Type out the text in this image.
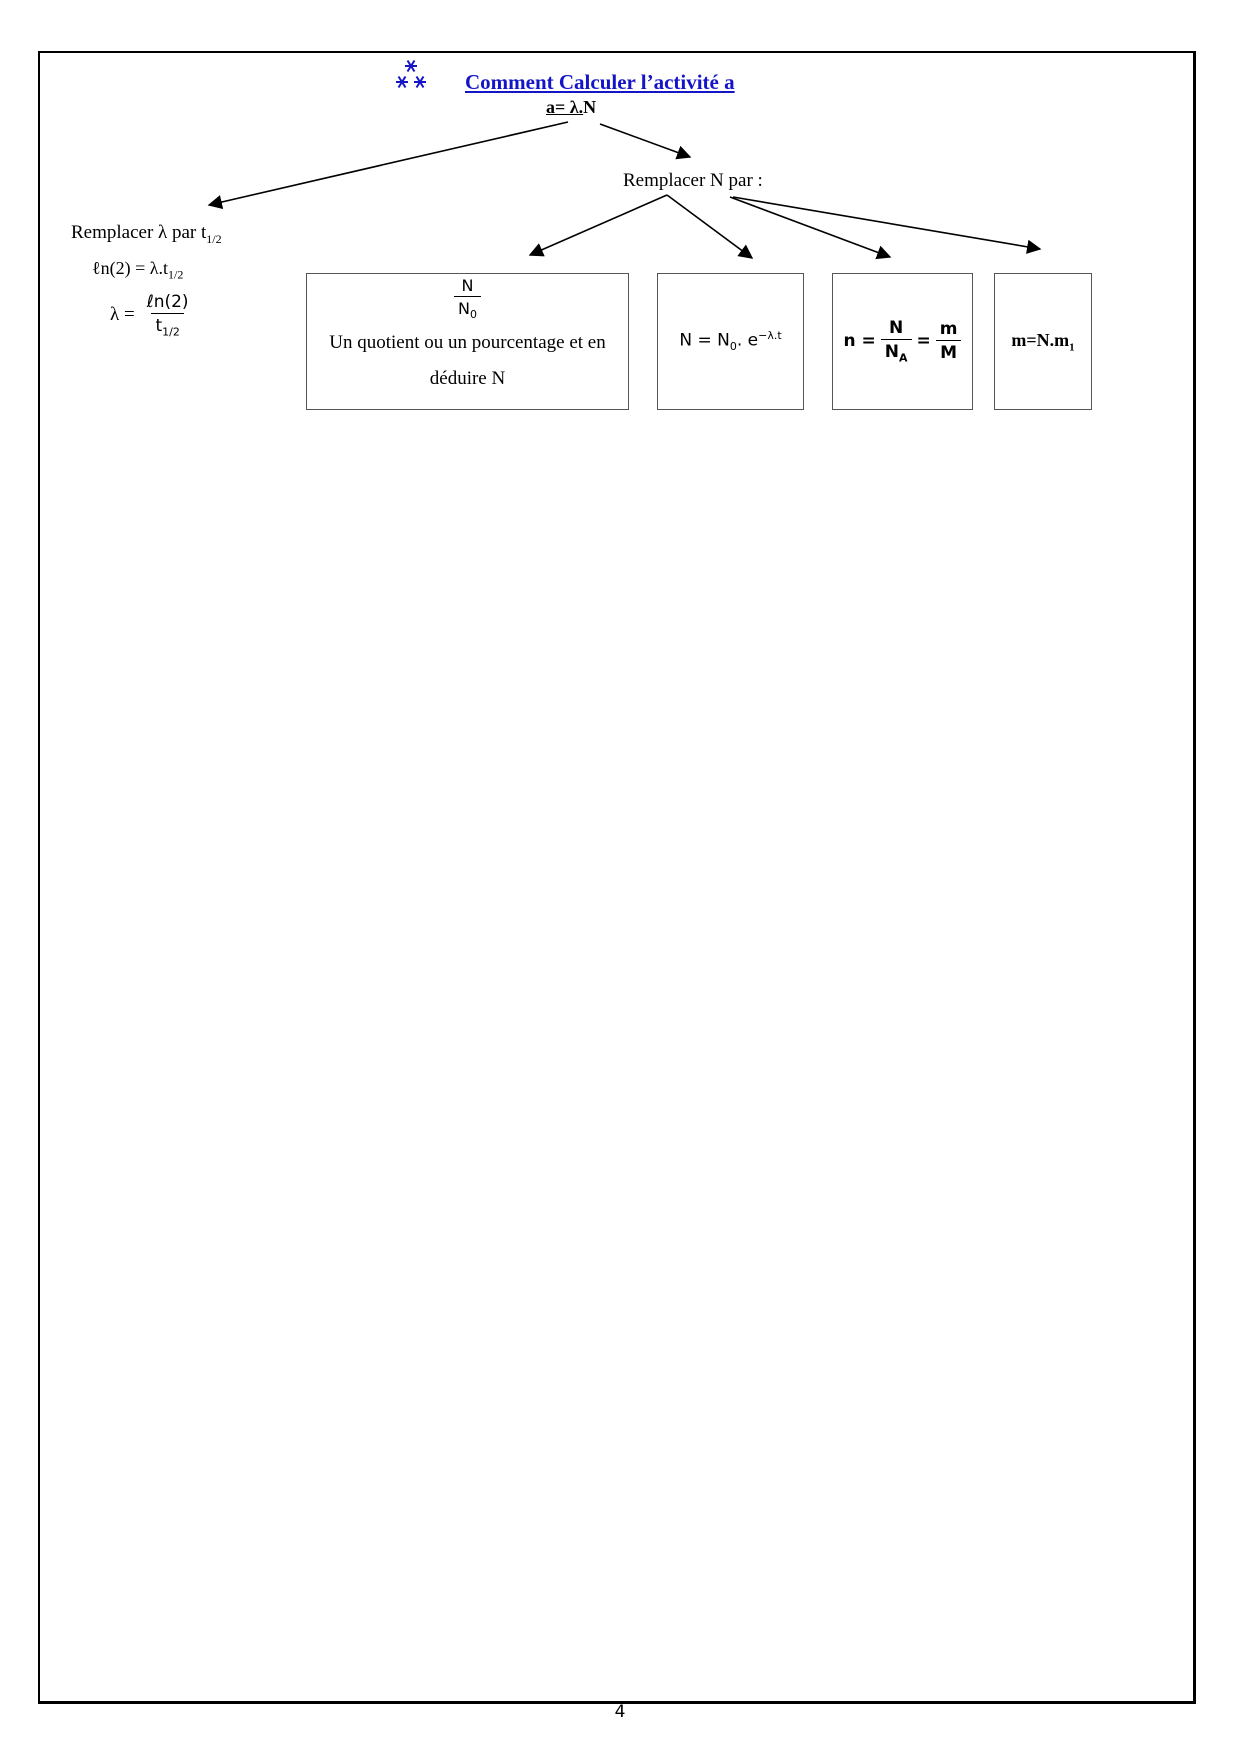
Comment Calculer l’activité a
a= λ.N
Remplacer N par :
Remplacer λ par $t_{1/2}$
ℓn(2) = $\lambda.t_{1/2}$
$\lambda = \frac{\text{ℓn(2)}}{t_{1/2}}$	$\frac{N}{N_0}$
Un quotient ou un pourcentage et en déduire N
$N = N_0$. $e^{-\lambda.t}$	$n = \frac{N}{N_A} = \frac{m}{M}$	$m=N.m_1$
4
